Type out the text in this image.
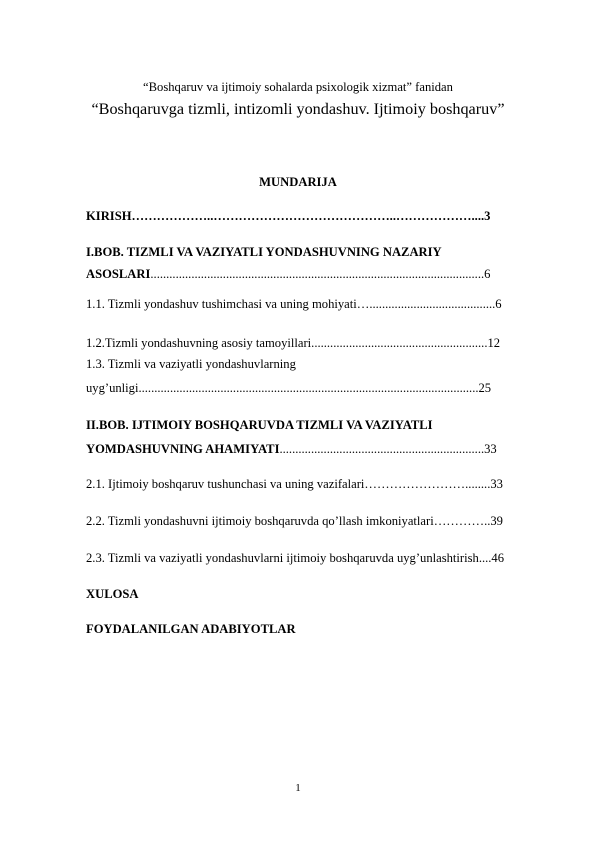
“Boshqaruv va ijtimoiy sohalarda psixologik xizmat” fanidan

“Boshqaruvga tizmli, intizomli yondashuv. Ijtimoiy boshqaruv”

MUNDARIJA

KIRISH………………..……………………………………..………………....3
I.BOB. TIZMLI VA VAZIYATLI YONDASHUVNING NAZARIY
ASOSLARI..........................................................................................................6
1.1. Tizmli yondashuv tushimchasi va uning mohiyati…........................................6
1.2.Tizmli yondashuvning asosiy tamoyillari........................................................12
1.3. Tizmli va vaziyatli yondashuvlarning
uyg’unligi............................................................................................................25
II.BOB. IJTIMOIY BOSHQARUVDA TIZMLI VA VAZIYATLI
YOMDASHUVNING AHAMIYATI.................................................................33
2.1. Ijtimoiy boshqaruv tushunchasi va uning vazifalari……………………........33
2.2. Tizmli yondashuvni ijtimoiy boshqaruvda qo’llash imkoniyatlari…………..39
2.3. Tizmli va vaziyatli yondashuvlarni ijtimoiy boshqaruvda uyg’unlashtirish....46
XULOSA
FOYDALANILGAN ADABIYOTLAR
1
